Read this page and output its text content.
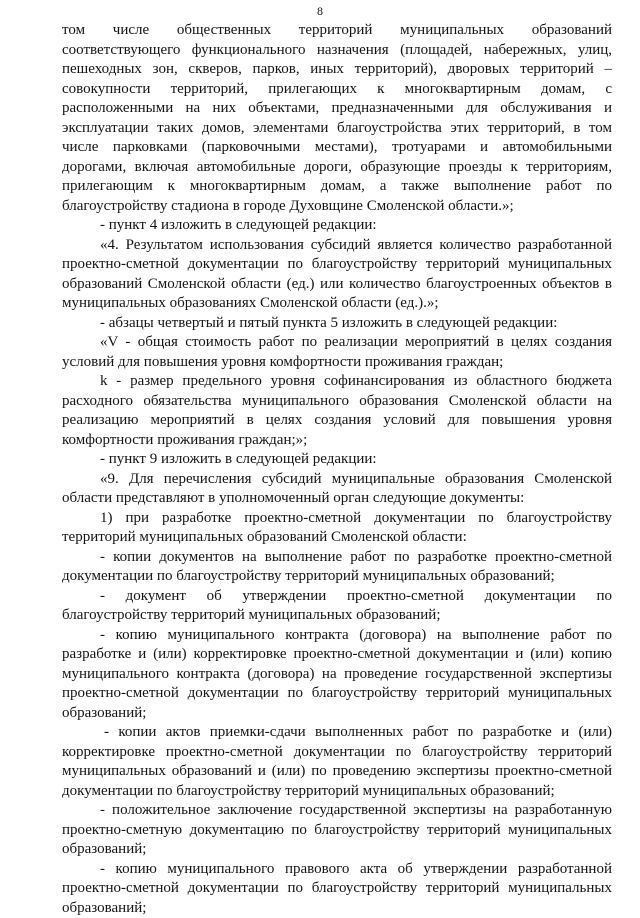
8

том числе общественных территорий муниципальных образований

соответствующего функционального назначения (площадей, набережных, улиц,

пешеходных зон, скверов, парков, иных территорий), дворовых территорий –

совокупности территорий, прилегающих к многоквартирным домам, с

расположенными на них объектами, предназначенными для обслуживания и

эксплуатации таких домов, элементами благоустройства этих территорий, в том

числе парковками (парковочными местами), тротуарами и автомобильными

дорогами, включая автомобильные дороги, образующие проезды к территориям,

прилегающим к многоквартирным домам, а также выполнение работ по

благоустройству стадиона в городе Духовщине Смоленской области.»;

- пункт 4 изложить в следующей редакции:

«4. Результатом использования субсидий является количество разработанной

проектно-сметной документации по благоустройству территорий муниципальных

образований Смоленской области (ед.) или количество благоустроенных объектов в

муниципальных образованиях Смоленской области (ед.).»;

- абзацы четвертый и пятый пункта 5 изложить в следующей редакции:

«V - общая стоимость работ по реализации мероприятий в целях создания

условий для повышения уровня комфортности проживания граждан;

k - размер предельного уровня софинансирования из областного бюджета

расходного обязательства муниципального образования Смоленской области на

реализацию мероприятий в целях создания условий для повышения уровня

комфортности проживания граждан;»;

- пункт 9 изложить в следующей редакции:

«9. Для перечисления субсидий муниципальные образования Смоленской

области представляют в уполномоченный орган следующие документы:

1) при разработке проектно-сметной документации по благоустройству

территорий муниципальных образований Смоленской области:

- копии документов на выполнение работ по разработке проектно-сметной

документации по благоустройству территорий муниципальных образований;

- документ об утверждении проектно-сметной документации по

благоустройству территорий муниципальных образований;

- копию муниципального контракта (договора) на выполнение работ по

разработке и (или) корректировке проектно-сметной документации и (или) копию

муниципального контракта (договора) на проведение государственной экспертизы

проектно-сметной документации по благоустройству территорий муниципальных

образований;

- копии актов приемки-сдачи выполненных работ по разработке и (или)

корректировке проектно-сметной документации по благоустройству территорий

муниципальных образований и (или) по проведению экспертизы проектно-сметной

документации по благоустройству территорий муниципальных образований;

- положительное заключение государственной экспертизы на разработанную

проектно-сметную документацию по благоустройству территорий муниципальных

образований;

- копию муниципального правового акта об утверждении разработанной

проектно-сметной документации по благоустройству территорий муниципальных

образований;
